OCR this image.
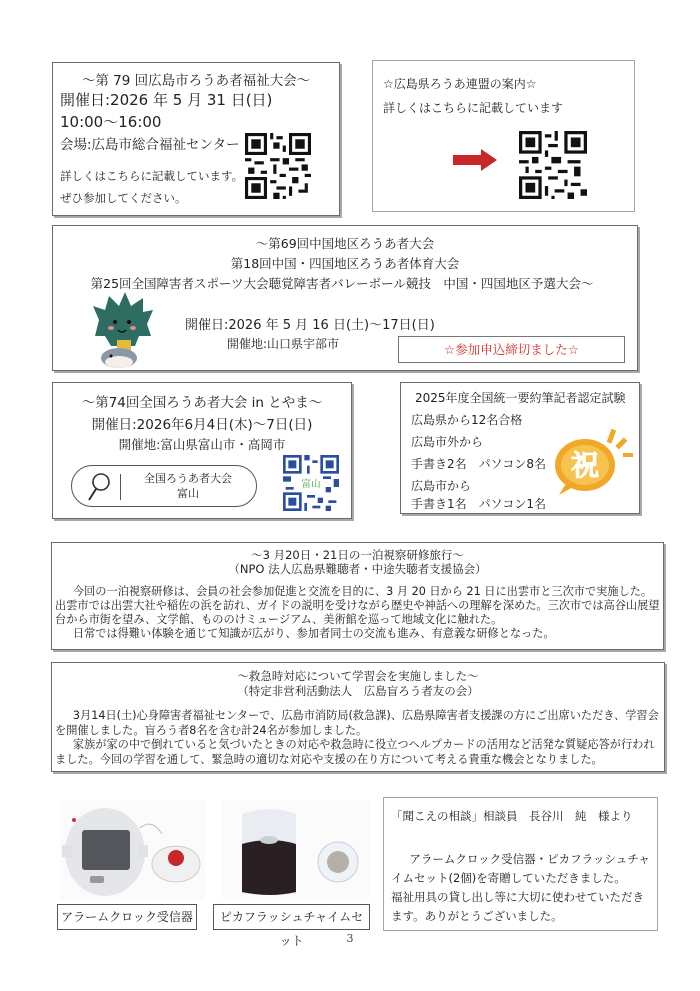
～第 79 回広島市ろうあ者福祉大会～
開催日:2026 年 5 月 31 日(日)
10:00～16:00
会場:広島市総合福祉センター
詳しくはこちらに記載しています。
ぜひ参加してください。
☆広島県ろうあ連盟の案内☆
詳しくはこちらに記載しています
～第69回中国地区ろうあ者大会
第18回中国・四国地区ろうあ者体育大会
第25回全国障害者スポーツ大会聴覚障害者バレーボール競技　中国・四国地区予選大会～
開催日:2026 年 5 月 16 日(土)～17日(日)
開催地:山口県宇部市	☆参加申込締切ました☆
～第74回全国ろうあ者大会 in とやま～
開催日:2026年6月4日(木)～7日(日)
開催地:富山県富山市・高岡市
全国ろうあ者大会
富山
富山
2025年度全国統一要約筆記者認定試験
広島県から12名合格
広島市外から
手書き2名　パソコン8名
広島市から
手書き1名　パソコン1名
祝
～3 月20日・21日の一泊視察研修旅行～
（NPO 法人広島県難聴者・中途失聴者支援協会）

今回の一泊視察研修は、会員の社会参加促進と交流を目的に、3 月 20 日から 21 日に出雲市と三次市で実施した。出雲市では出雲大社や稲佐の浜を訪れ、ガイドの説明を受けながら歴史や神話への理解を深めた。三次市では高谷山展望台から市街を望み、文学館、もののけミュージアム、美術館を巡って地域文化に触れた。

日常では得難い体験を通じて知識が広がり、参加者同士の交流も進み、有意義な研修となった。

～救急時対応について学習会を実施しました～
（特定非営利活動法人　広島盲ろう者友の会）

3月14日(土)心身障害者福祉センターで、広島市消防局(救急課)、広島県障害者支援課の方にご出席いただき、学習会を開催しました。盲ろう者8名を含む計24名が参加しました。

家族が家の中で倒れていると気づいたときの対応や救急時に役立つヘルプカードの活用など活発な質疑応答が行われました。今回の学習を通して、緊急時の適切な対応や支援の在り方について考える貴重な機会となりました。

アラームクロック受信器	ピカフラッシュチャイムセット
「聞こえの相談」相談員　長谷川　純　様より

アラームクロック受信器・ピカフラッシュチャイムセット(2個)を寄贈していただきました。

福祉用具の貸し出し等に大切に使わせていただきます。ありがとうございました。

3
